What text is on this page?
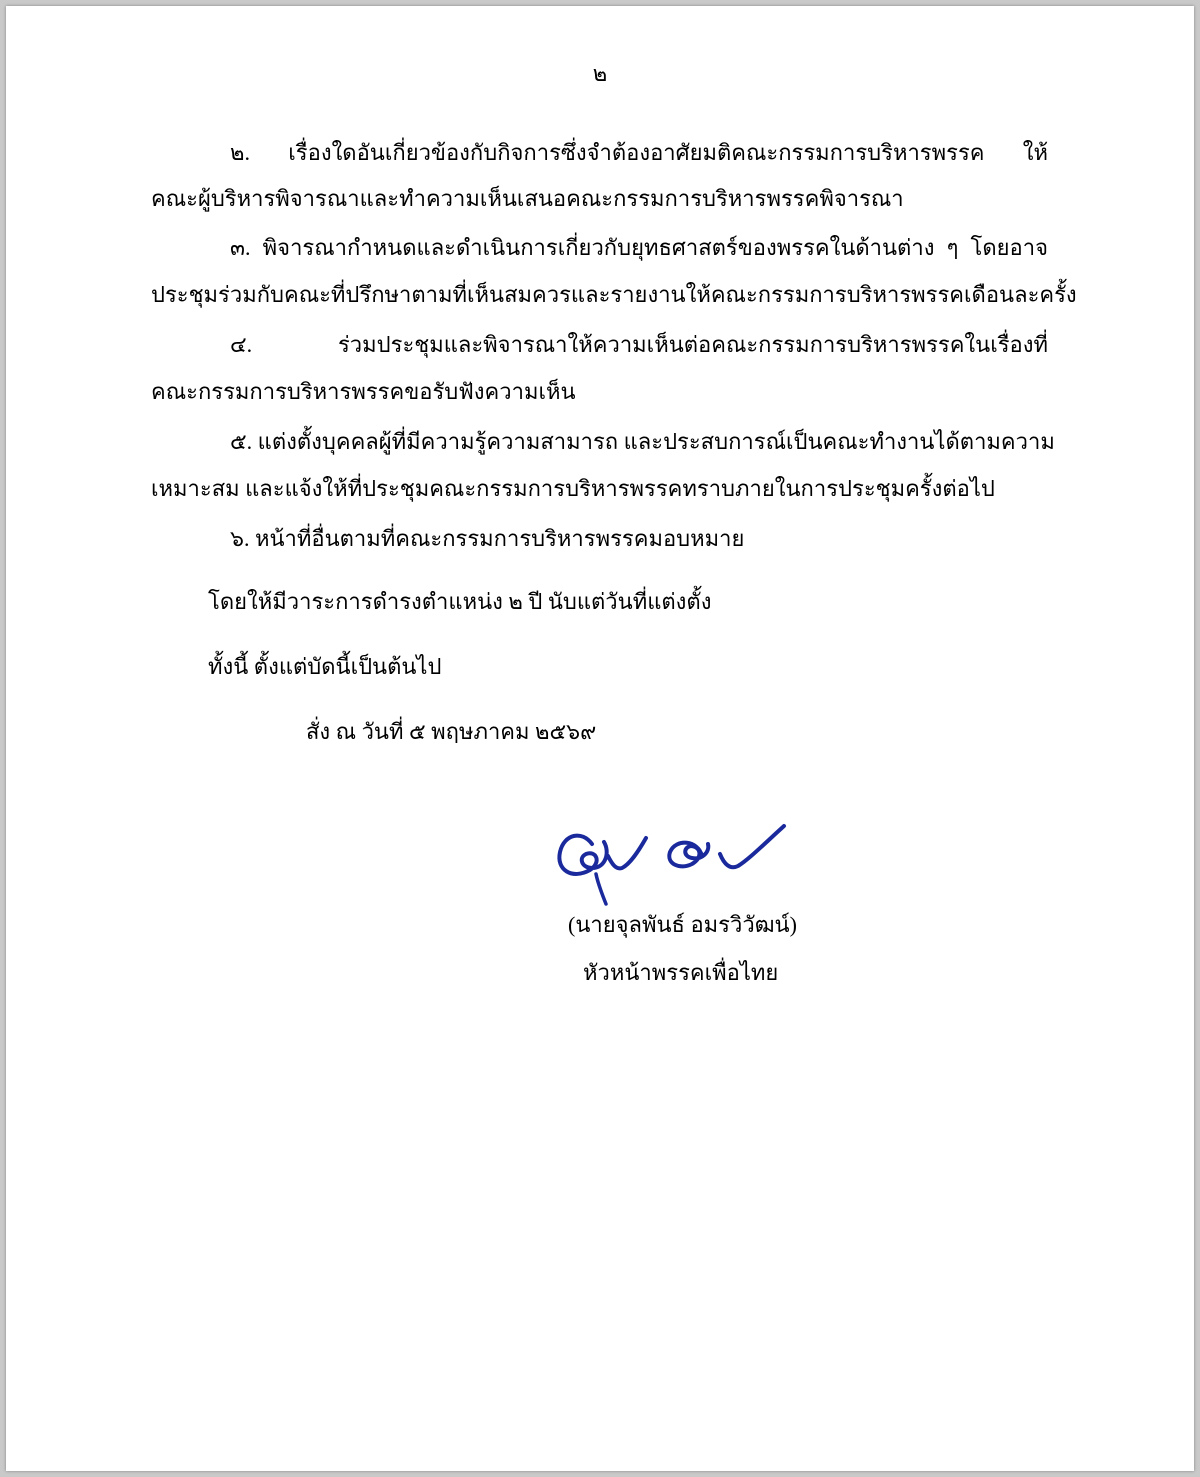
๒
๒. เรื่องใดอันเกี่ยวข้องกับกิจการซึ่งจำต้องอาศัยมติคณะกรรมการบริหารพรรค ให้
คณะผู้บริหารพิจารณาและทำความเห็นเสนอคณะกรรมการบริหารพรรคพิจารณา
๓. พิจารณากำหนดและดำเนินการเกี่ยวกับยุทธศาสตร์ของพรรคในด้านต่าง ๆ โดยอาจ
ประชุมร่วมกับคณะที่ปรึกษาตามที่เห็นสมควรและรายงานให้คณะกรรมการบริหารพรรคเดือนละครั้ง
๔. ร่วมประชุมและพิจารณาให้ความเห็นต่อคณะกรรมการบริหารพรรคในเรื่องที่
คณะกรรมการบริหารพรรคขอรับฟังความเห็น
๕. แต่งตั้งบุคคลผู้ที่มีความรู้ความสามารถ และประสบการณ์เป็นคณะทำงานได้ตามความ
เหมาะสม และแจ้งให้ที่ประชุมคณะกรรมการบริหารพรรคทราบภายในการประชุมครั้งต่อไป
๖. หน้าที่อื่นตามที่คณะกรรมการบริหารพรรคมอบหมาย
โดยให้มีวาระการดำรงตำแหน่ง ๒ ปี นับแต่วันที่แต่งตั้ง
ทั้งนี้ ตั้งแต่บัดนี้เป็นต้นไป
สั่ง ณ วันที่ ๕ พฤษภาคม ๒๕๖๙
(นายจุลพันธ์ อมรวิวัฒน์)
หัวหน้าพรรคเพื่อไทย
